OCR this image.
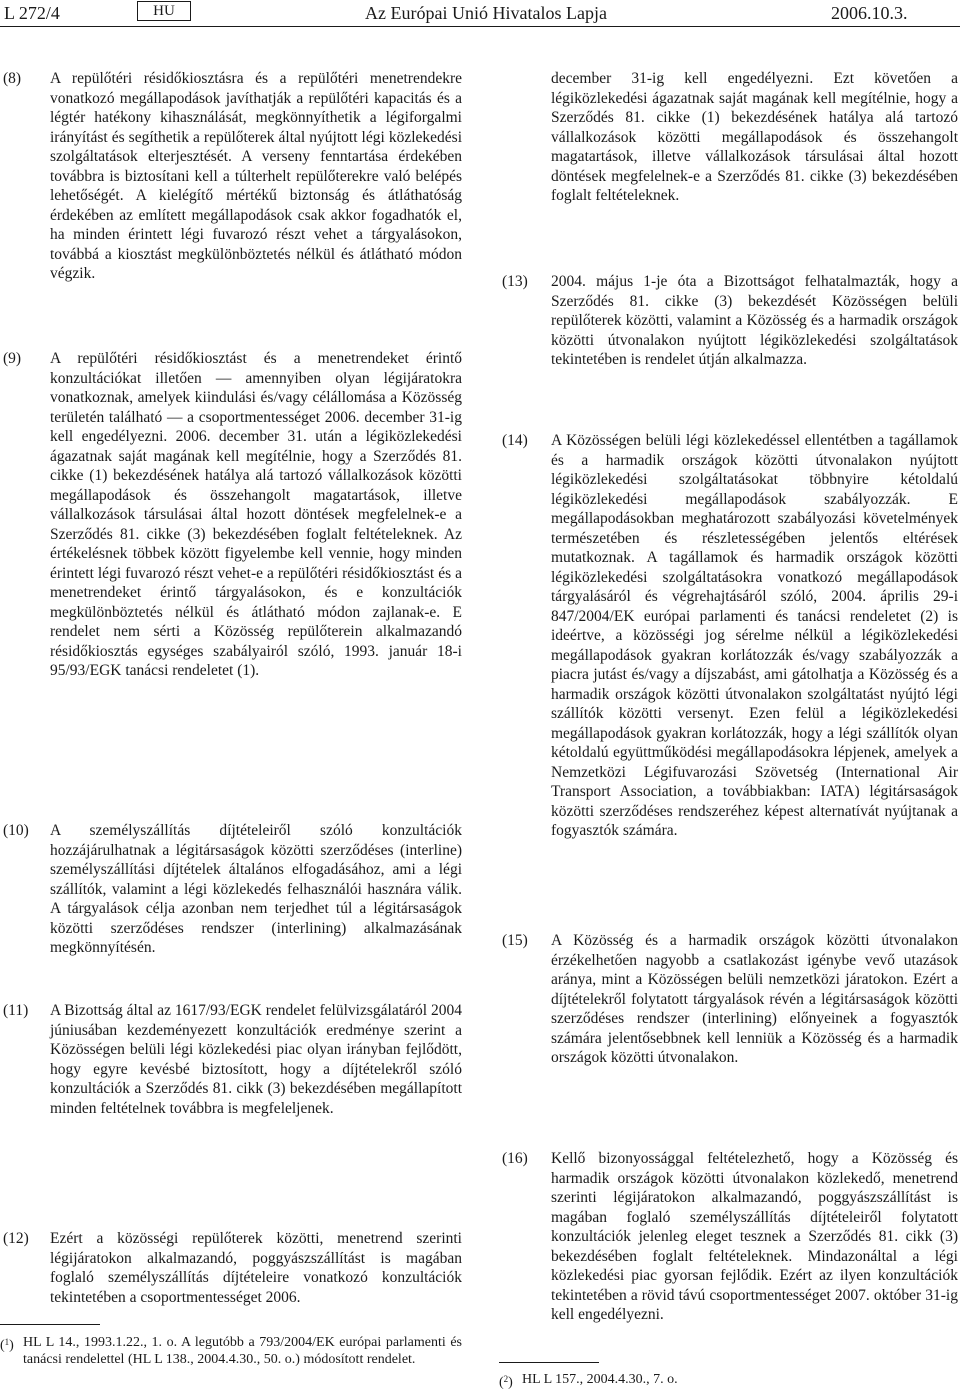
L 272/4	HU	Az Európai Unió Hivatalos Lapja	2006.10.3.
(8) A repülőtéri résidőkiosztásra és a repülőtéri menetrendekre vonatkozó megállapodások javíthatják a repülőtéri kapacitás és a légtér hatékony kihasználását, megkönnyíthetik a légiforgalmi irányítást és segíthetik a repülőterek által nyújtott légi közlekedési szolgáltatások elterjesztését. A verseny fenntartása érdekében továbbra is biztosítani kell a túlterhelt repülőterekre való belépés lehetőségét. A kielégítő mértékű biztonság és átláthatóság érdekében az említett megállapodások csak akkor fogadhatók el, ha minden érintett légi fuvarozó részt vehet a tárgyalásokon, továbbá a kiosztást megkülönböztetés nélkül és átlátható módon végzik.
(9) A repülőtéri résidőkiosztást és a menetrendeket érintő konzultációkat illetően — amennyiben olyan légijáratokra vonatkoznak, amelyek kiindulási és/vagy célállomása a Közösség területén található — a csoportmentességet 2006. december 31-ig kell engedélyezni. 2006. december 31. után a légiközlekedési ágazatnak saját magának kell megítélnie, hogy a Szerződés 81. cikke (1) bekezdésének hatálya alá tartozó vállalkozások közötti megállapodások és összehangolt magatartások, illetve vállalkozások társulásai által hozott döntések megfelelnek-e a Szerződés 81. cikke (3) bekezdésében foglalt feltételeknek. Az értékelésnek többek között figyelembe kell vennie, hogy minden érintett légi fuvarozó részt vehet-e a repülőtéri résidőkiosztást és a menetrendeket érintő tárgyalásokon, és e konzultációk megkülönböztetés nélkül és átlátható módon zajlanak-e. E rendelet nem sérti a Közösség repülőterein alkalmazandó résidőkiosztás egységes szabályairól szóló, 1993. január 18-i 95/93/EGK tanácsi rendeletet (1).
(10) A személyszállítás díjtételeiről szóló konzultációk hozzájárulhatnak a légitársaságok közötti szerződéses (interline) személyszállítási díjtételek általános elfogadásához, ami a légi szállítók, valamint a légi közlekedés felhasználói hasznára válik. A tárgyalások célja azonban nem terjedhet túl a légitársaságok közötti szerződéses rendszer (interlining) alkalmazásának megkönnyítésén.
(11) A Bizottság által az 1617/93/EGK rendelet felülvizsgálatáról 2004 júniusában kezdeményezett konzultációk eredménye szerint a Közösségen belüli légi közlekedési piac olyan irányban fejlődött, hogy egyre kevésbé biztosított, hogy a díjtételekről szóló konzultációk a Szerződés 81. cikk (3) bekezdésében megállapított minden feltételnek továbbra is megfeleljenek.
(12) Ezért a közösségi repülőterek közötti, menetrend szerinti légijáratokon alkalmazandó, poggyászszállítást is magában foglaló személyszállítás díjtételeire vonatkozó konzultációk tekintetében a csoportmentességet 2006.
($^1$) HL L 14., 1993.1.22., 1. o. A legutóbb a 793/2004/EK európai parlamenti és tanácsi rendelettel (HL L 138., 2004.4.30., 50. o.) módosított rendelet.
december 31-ig kell engedélyezni. Ezt követően a légiközlekedési ágazatnak saját magának kell megítélnie, hogy a Szerződés 81. cikke (1) bekezdésének hatálya alá tartozó vállalkozások közötti megállapodások és összehangolt magatartások, illetve vállalkozások társulásai által hozott döntések megfelelnek-e a Szerződés 81. cikke (3) bekezdésében foglalt feltételeknek.
(13) 2004. május 1-je óta a Bizottságot felhatalmazták, hogy a Szerződés 81. cikke (3) bekezdését Közösségen belüli repülőterek közötti, valamint a Közösség és a harmadik országok közötti útvonalakon nyújtott légiközlekedési szolgáltatások tekintetében is rendelet útján alkalmazza.
(14) A Közösségen belüli légi közlekedéssel ellentétben a tagállamok és a harmadik országok közötti útvonalakon nyújtott légiközlekedési szolgáltatásokat többnyire kétoldalú légiközlekedési megállapodások szabályozzák. E megállapodásokban meghatározott szabályozási követelmények természetében és részletességében jelentős eltérések mutatkoznak. A tagállamok és harmadik országok közötti légiközlekedési szolgáltatásokra vonatkozó megállapodások tárgyalásáról és végrehajtásáról szóló, 2004. április 29-i 847/2004/EK európai parlamenti és tanácsi rendeletet (2) is ideértve, a közösségi jog sérelme nélkül a légiközlekedési megállapodások gyakran korlátozzák és/vagy szabályozzák a piacra jutást és/vagy a díjszabást, ami gátolhatja a Közösség és a harmadik országok közötti útvonalakon szolgáltatást nyújtó légi szállítók közötti versenyt. Ezen felül a légiközlekedési megállapodások gyakran korlátozzák, hogy a légi szállítók olyan kétoldalú együttműködési megállapodásokra lépjenek, amelyek a Nemzetközi Légifuvarozási Szövetség (International Air Transport Association, a továbbiakban: IATA) légitársaságok közötti szerződéses rendszeréhez képest alternatívát nyújtanak a fogyasztók számára.
(15) A Közösség és a harmadik országok közötti útvonalakon érzékelhetően nagyobb a csatlakozást igénybe vevő utazások aránya, mint a Közösségen belüli nemzetközi járatokon. Ezért a díjtételekről folytatott tárgyalások révén a légitársaságok közötti szerződéses rendszer (interlining) előnyeinek a fogyasztók számára jelentősebbnek kell lenniük a Közösség és a harmadik országok közötti útvonalakon.
(16) Kellő bizonyossággal feltételezhető, hogy a Közösség és harmadik országok közötti útvonalakon közlekedő, menetrend szerinti légijáratokon alkalmazandó, poggyászszállítást is magában foglaló személyszállítás díjtételeiről folytatott konzultációk jelenleg eleget tesznek a Szerződés 81. cikk (3) bekezdésében foglalt feltételeknek. Mindazonáltal a légi közlekedési piac gyorsan fejlődik. Ezért az ilyen konzultációk tekintetében a rövid távú csoportmentességet 2007. október 31-ig kell engedélyezni.
($^2$) HL L 157., 2004.4.30., 7. o.
